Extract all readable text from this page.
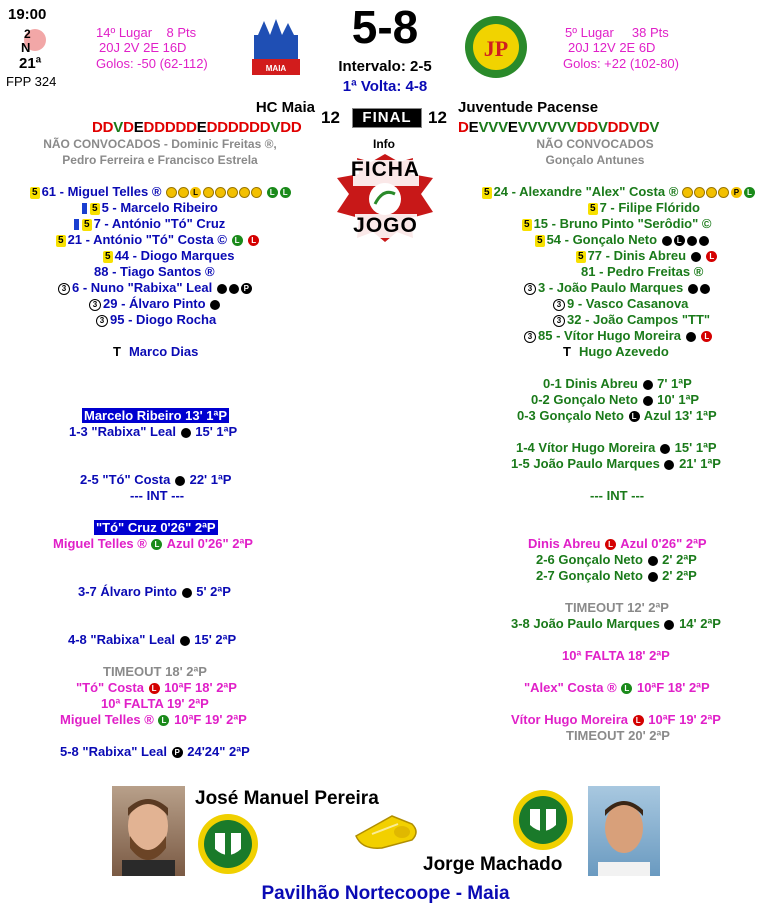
19:00
2
N
21ª
FPP 324
14º Lugar 8 Pts
20J 2V 2E 16D
Golos: -50 (62-112)	MAIA
5-8
Intervalo: 2-5
1ª Volta: 4-8
JP
5º Lugar 38 Pts
20J 12V 2E 6D
Golos: +22 (102-80)
HC Maia
12	FINAL 12
Juventude Pacense
DDVDEDDDDDEDDDDDDVDD	DEVVVEVVVVVVDDVDDVDV
NÃO CONVOCADOS - Dominic Freitas ®,
Pedro Ferreira e Francisco Estrela
NÃO CONVOCADOS
Gonçalo Antunes
Info
FICHA
JOGO
5 61 - Miguel Telles ®	L	L L
5 5 - Marcelo Ribeiro
5 7 - António "Tó" Cruz
5 21 - António "Tó" Costa © L L
5 44 - Diogo Marques
88 - Tiago Santos ®
3 6 - Nuno "Rabixa" Leal	P
3 29 - Álvaro Pinto
3 95 - Diogo Rocha
T Marco Dias
5 24 - Alexandre "Alex" Costa ®	P L
5 7 - Filipe Flórido
5 15 - Bruno Pinto "Serôdio" ©
5 54 - Gonçalo Neto L
5 77 - Dinis Abreu	L
81 - Pedro Freitas ®
3 3 - João Paulo Marques
3 9 - Vasco Casanova
3 32 - João Campos "TT"
3 85 - Vítor Hugo Moreira	L
T Hugo Azevedo
Marcelo Ribeiro 13' 1ªP
1-3 "Rabixa" Leal 15' 1ªP
2-5 "Tó" Costa 22' 1ªP
--- INT ---
"Tó" Cruz 0'26" 2ªP
Miguel Telles ® L Azul 0'26" 2ªP
3-7 Álvaro Pinto 5' 2ªP
4-8 "Rabixa" Leal 15' 2ªP
TIMEOUT 18' 2ªP
"Tó" Costa L 10ªF 18' 2ªP
10ª FALTA 19' 2ªP
Miguel Telles ® L 10ªF 19' 2ªP
5-8 "Rabixa" Leal P 24'24" 2ªP
0-1 Dinis Abreu 7' 1ªP
0-2 Gonçalo Neto 10' 1ªP
0-3 Gonçalo Neto L Azul 13' 1ªP
1-4 Vítor Hugo Moreira 15' 1ªP
1-5 João Paulo Marques 21' 1ªP
--- INT ---
Dinis Abreu L Azul 0'26" 2ªP
2-6 Gonçalo Neto 2' 2ªP
2-7 Gonçalo Neto 2' 2ªP
TIMEOUT 12' 2ªP
3-8 João Paulo Marques 14' 2ªP
10ª FALTA 18' 2ªP
"Alex" Costa ® L 10ªF 18' 2ªP
Vítor Hugo Moreira L 10ªF 19' 2ªP
TIMEOUT 20' 2ªP
José Manuel Pereira
Jorge Machado
Pavilhão Nortecoope - Maia
